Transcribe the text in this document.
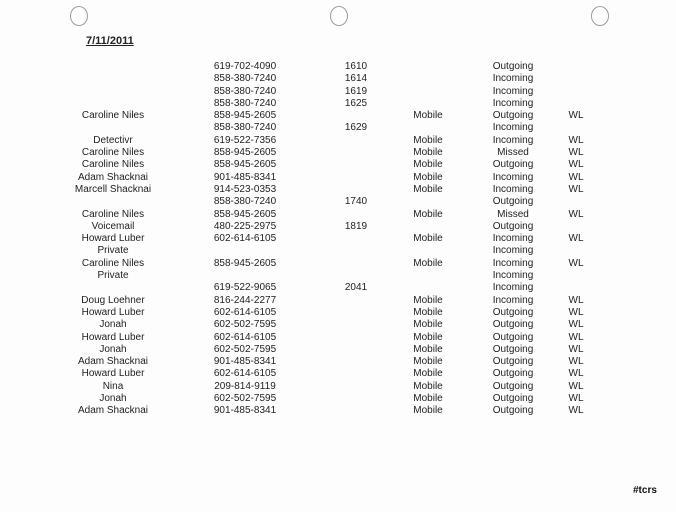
7/11/2011
619-702-4090	1610	Outgoing
858-380-7240	1614	Incoming
858-380-7240	1619	Incoming
858-380-7240	1625	Incoming
Caroline Niles	858-945-2605	Mobile	Outgoing	WL
858-380-7240	1629	Incoming
Detectivr	619-522-7356	Mobile	Incoming	WL
Caroline Niles	858-945-2605	Mobile	Missed	WL
Caroline Niles	858-945-2605	Mobile	Outgoing	WL
Adam Shacknai	901-485-8341	Mobile	Incoming	WL
Marcell Shacknai	914-523-0353	Mobile	Incoming	WL
858-380-7240	1740	Outgoing
Caroline Niles	858-945-2605	Mobile	Missed	WL
Voicemail	480-225-2975	1819	Outgoing
Howard Luber	602-614-6105	Mobile	Incoming	WL
Private	Incoming
Caroline Niles	858-945-2605	Mobile	Incoming	WL
Private	Incoming
619-522-9065	2041	Incoming
Doug Loehner	816-244-2277	Mobile	Incoming	WL
Howard Luber	602-614-6105	Mobile	Outgoing	WL
Jonah	602-502-7595	Mobile	Outgoing	WL
Howard Luber	602-614-6105	Mobile	Outgoing	WL
Jonah	602-502-7595	Mobile	Outgoing	WL
Adam Shacknai	901-485-8341	Mobile	Outgoing	WL
Howard Luber	602-614-6105	Mobile	Outgoing	WL
Nina	209-814-9119	Mobile	Outgoing	WL
Jonah	602-502-7595	Mobile	Outgoing	WL
Adam Shacknai	901-485-8341	Mobile	Outgoing	WL
#tcrs
